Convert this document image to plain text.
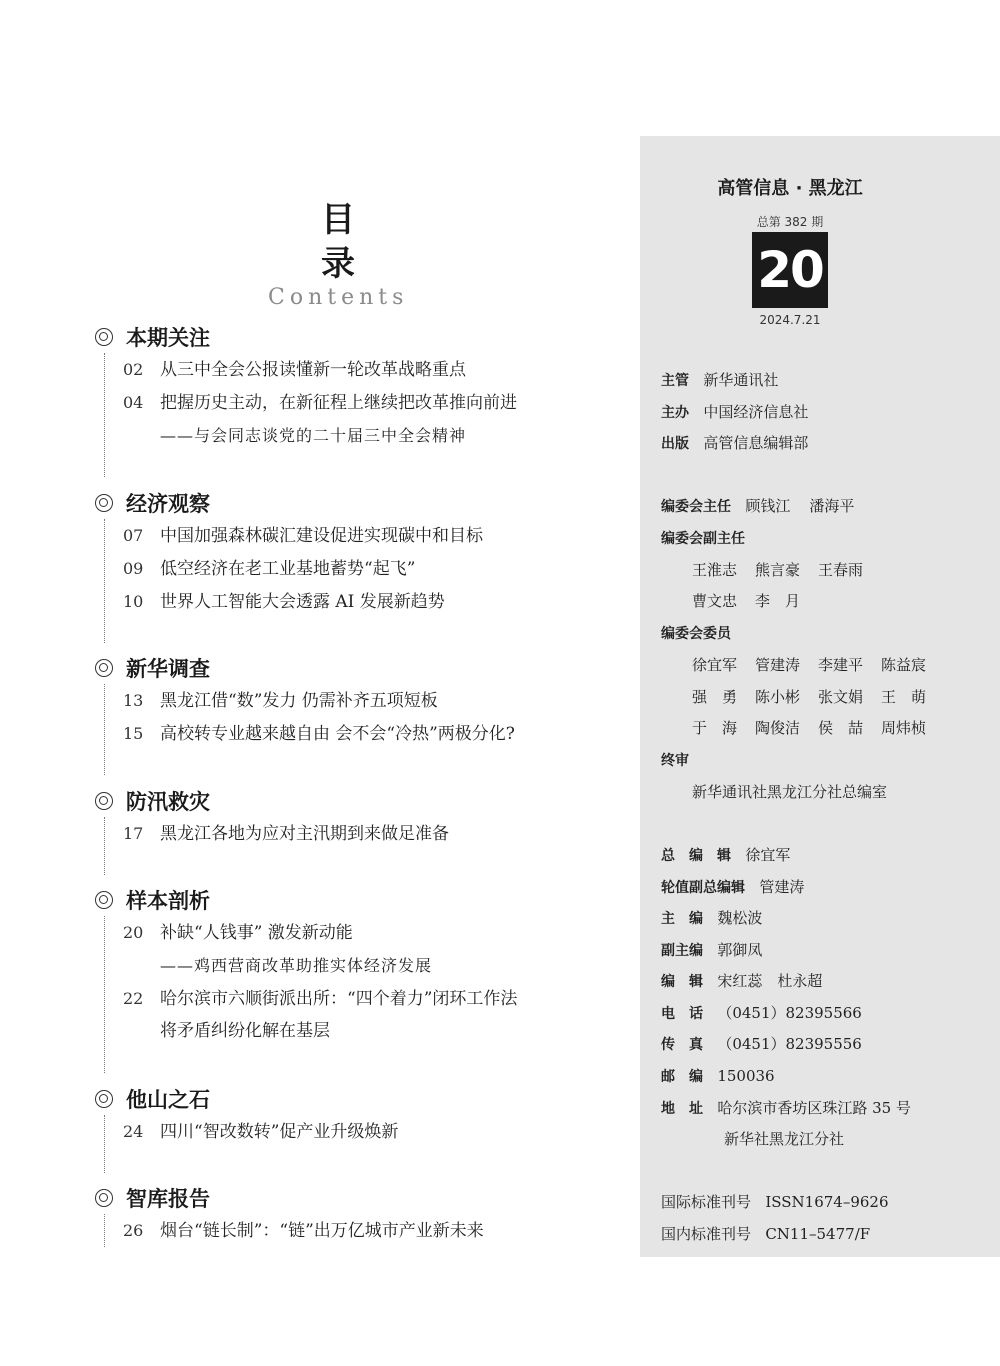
目录
Contents
本期关注
02 从三中全会公报读懂新一轮改革战略重点
04 把握历史主动，在新征程上继续把改革推向前进
——与会同志谈党的二十届三中全会精神
经济观察
07 中国加强森林碳汇建设促进实现碳中和目标
09 低空经济在老工业基地蓄势“起飞”
10 世界人工智能大会透露 AI 发展新趋势
新华调查
13 黑龙江借“数”发力 仍需补齐五项短板
15 高校转专业越来越自由 会不会“冷热”两极分化?
防汛救灾
17 黑龙江各地为应对主汛期到来做足准备
样本剖析
20 补缺“人钱事” 激发新动能
——鸡西营商改革助推实体经济发展
22 哈尔滨市六顺街派出所：“四个着力”闭环工作法
将矛盾纠纷化解在基层
他山之石
24 四川“智改数转”促产业升级焕新
智库报告
26 烟台“链长制”：“链”出万亿城市产业新未来
高管信息 · 黑龙江
总第 382 期
20
2024.7.21
主管 新华通讯社
主办 中国经济信息社
出版 高管信息编辑部
编委会主任 顾钱江 潘海平
编委会副主任
王淮志 熊言豪 王春雨
曹文忠 李　月
编委会委员
徐宜军 管建涛 李建平 陈益宸
强　勇 陈小彬 张文娟 王　萌
于　海 陶俊洁 侯　喆 周炜桢
终审
新华通讯社黑龙江分社总编室
总　编　辑 徐宜军
轮值副总编辑 管建涛
主　编 魏松波
副主编 郭御凤
编　辑 宋红蕊　杜永超
电　话 （0451）82395566
传　真 （0451）82395556
邮　编 150036
地　址 哈尔滨市香坊区珠江路 35 号
新华社黑龙江分社
国际标准刊号 ISSN1674–9626
国内标准刊号 CN11–5477/F
